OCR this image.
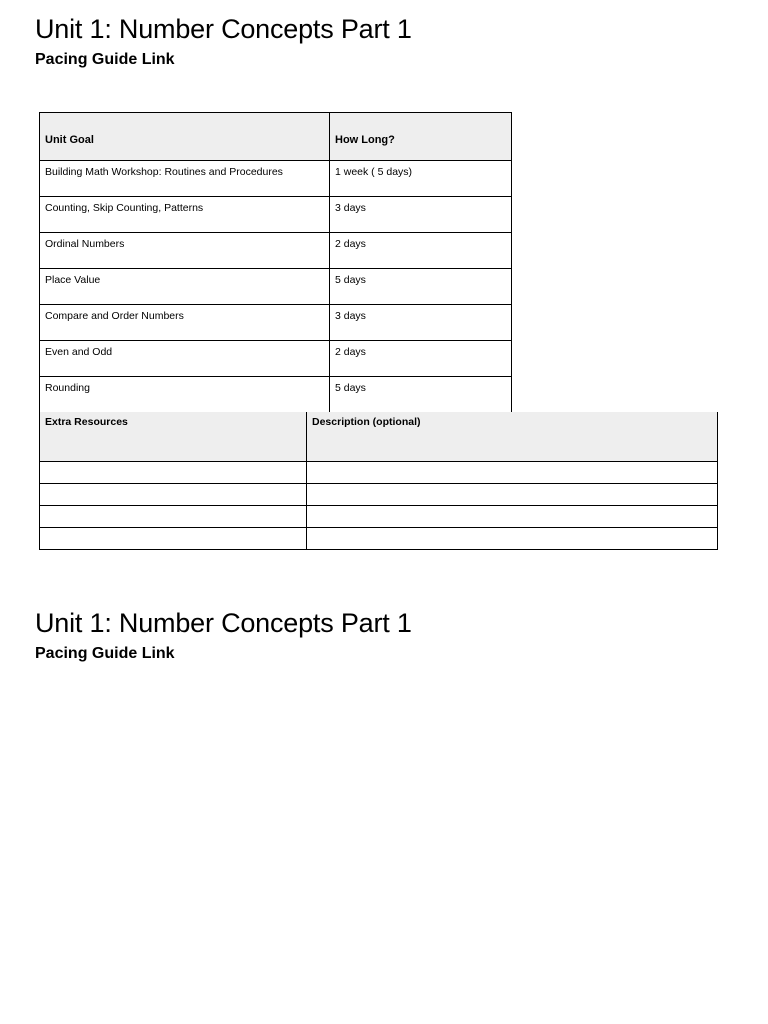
Unit 1: Number Concepts Part 1
Pacing Guide Link
Unit Goal	How Long?
Building Math Workshop: Routines and Procedures	1 week ( 5 days)
Counting, Skip Counting, Patterns	3 days
Ordinal Numbers	2 days
Place Value	5 days
Compare and Order Numbers	3 days
Even and Odd	2 days
Rounding	5 days
Extra Resources	Description (optional)

Unit 1: Number Concepts Part 1
Pacing Guide Link
